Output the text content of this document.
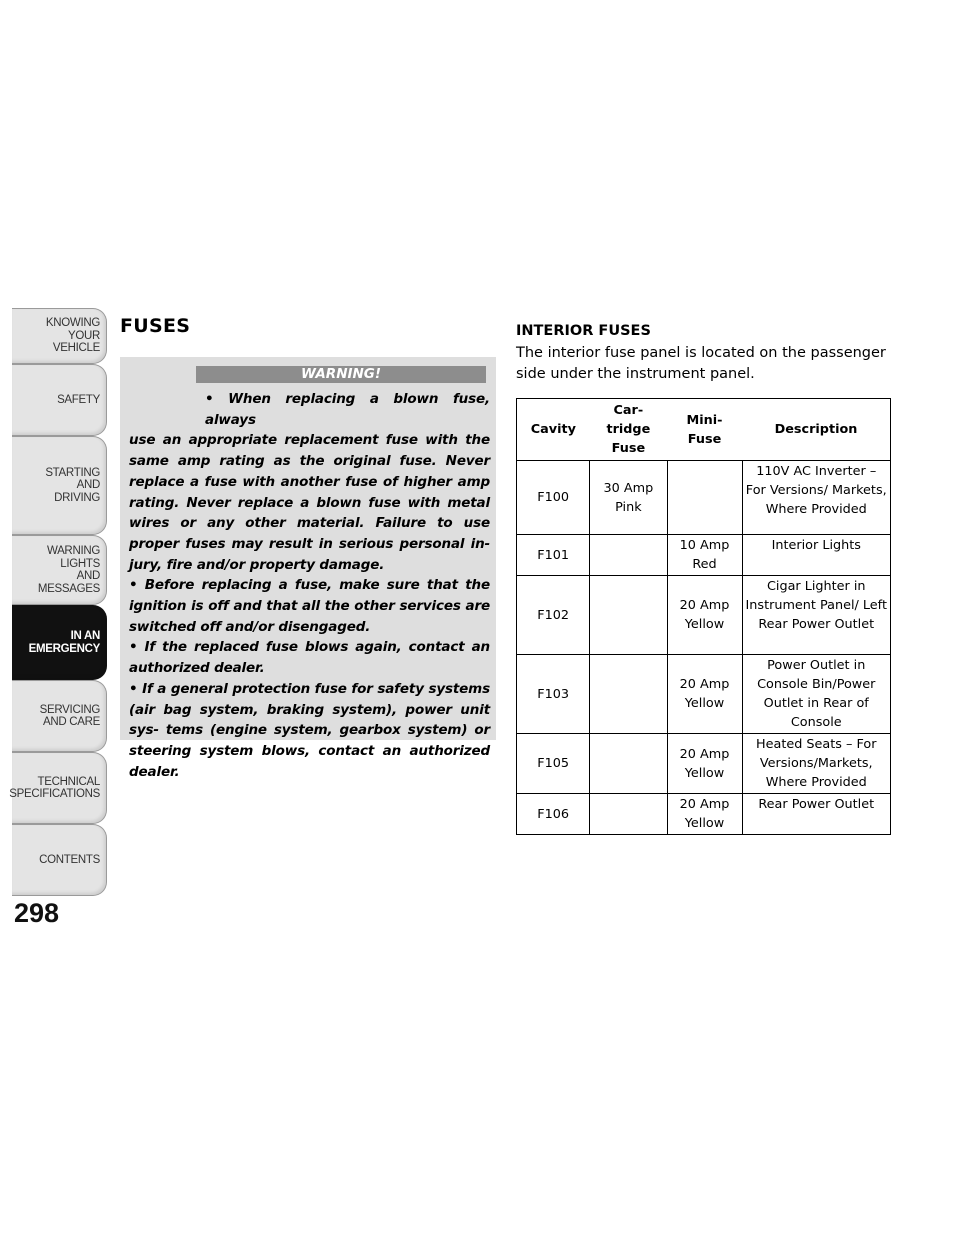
KNOWING
YOUR
VEHICLE
SAFETY
STARTING
AND
DRIVING
WARNING
LIGHTS
AND
MESSAGES
IN AN
EMERGENCY
SERVICING
AND CARE
TECHNICAL
SPECIFICATIONS
CONTENTS
298
FUSES
WARNING!

• When replacing a blown fuse, always
use an appropriate replacement fuse with the same amp rating as the original fuse. Never replace a fuse with another fuse of higher amp rating. Never replace a blown fuse with metal wires or any other material. Failure to use proper fuses may result in serious personal in- jury, fire and/or property damage.

• Before replacing a fuse, make sure that the ignition is off and that all the other services are switched off and/or disengaged.

• If the replaced fuse blows again, contact an authorized dealer.

• If a general protection fuse for safety systems (air bag system, braking system), power unit sys- tems (engine system, gearbox system) or steering system blows, contact an authorized dealer.

INTERIOR FUSES

The interior fuse panel is located on the passenger side under the instrument panel.

Cavity	Car- tridge Fuse	Mini- Fuse	Description
F100	30 Amp Pink		110V AC Inverter – For Versions/ Markets, Where Provided
F101		10 Amp Red	Interior Lights
F102		20 Amp Yellow	Cigar Lighter in Instrument Panel/ Left Rear Power Outlet
F103		20 Amp Yellow	Power Outlet in Console Bin/Power Outlet in Rear of Console
F105		20 Amp Yellow	Heated Seats – For Versions/Markets, Where Provided
F106		20 Amp Yellow	Rear Power Outlet
